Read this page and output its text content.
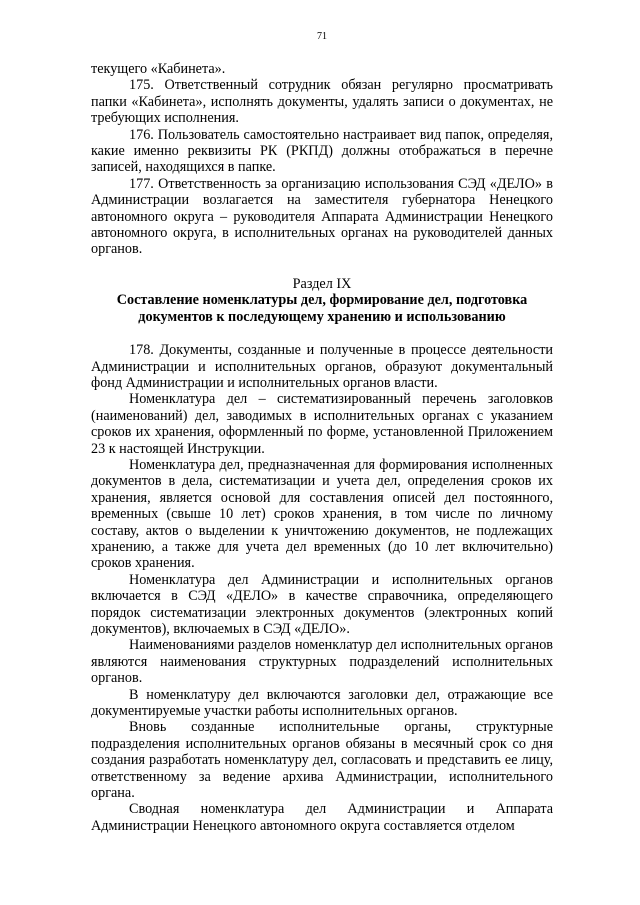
71

текущего «Кабинета».

175. Ответственный сотрудник обязан регулярно просматривать папки «Кабинета», исполнять документы, удалять записи о документах, не требующих исполнения.

176. Пользователь самостоятельно настраивает вид папок, определяя, какие именно реквизиты РК (РКПД) должны отображаться в перечне записей, находящихся в папке.

177. Ответственность за организацию использования СЭД «ДЕЛО» в Администрации возлагается на заместителя губернатора Ненецкого автономного округа – руководителя Аппарата Администрации Ненецкого автономного округа, в исполнительных органах на руководителей данных органов.

Раздел IX

Составление номенклатуры дел, формирование дел, подготовка документов к последующему хранению и использованию

178. Документы, созданные и полученные в процессе деятельности Администрации и исполнительных органов, образуют документальный фонд Администрации и исполнительных органов власти.

Номенклатура дел – систематизированный перечень заголовков (наименований) дел, заводимых в исполнительных органах с указанием сроков их хранения, оформленный по форме, установленной Приложением 23 к настоящей Инструкции.

Номенклатура дел, предназначенная для формирования исполненных документов в дела, систематизации и учета дел, определения сроков их хранения, является основой для составления описей дел постоянного, временных (свыше 10 лет) сроков хранения, в том числе по личному составу, актов о выделении к уничтожению документов, не подлежащих хранению, а также для учета дел временных (до 10 лет включительно) сроков хранения.

Номенклатура дел Администрации и исполнительных органов включается в СЭД «ДЕЛО» в качестве справочника, определяющего порядок систематизации электронных документов (электронных копий документов), включаемых в СЭД «ДЕЛО».

Наименованиями разделов номенклатур дел исполнительных органов являются наименования структурных подразделений исполнительных органов.

В номенклатуру дел включаются заголовки дел, отражающие все документируемые участки работы исполнительных органов.

Вновь созданные исполнительные органы, структурные подразделения исполнительных органов обязаны в месячный срок со дня создания разработать номенклатуру дел, согласовать и представить ее лицу, ответственному за ведение архива Администрации, исполнительного органа.

Сводная номенклатура дел Администрации и Аппарата Администрации Ненецкого автономного округа составляется отделом
